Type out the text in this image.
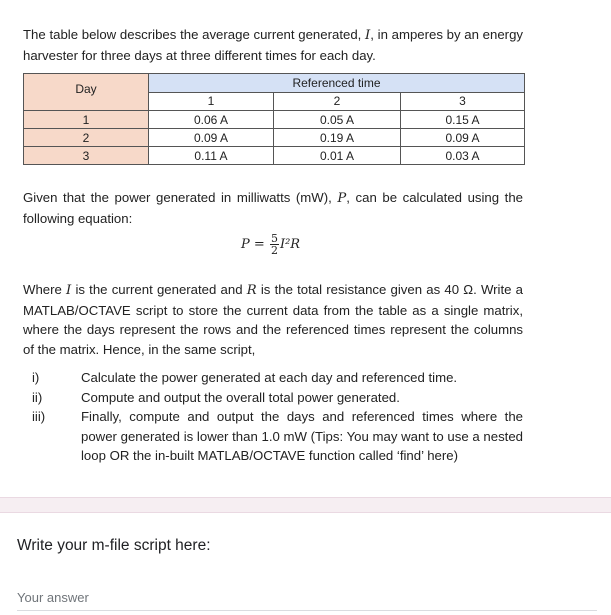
The table below describes the average current generated, I, in amperes by an energy harvester for three days at three different times for each day.
Day	Referenced time		
	1	2	3
1	0.06 A	0.05 A	0.15 A
2	0.09 A	0.19 A	0.09 A
3	0.11 A	0.01 A	0.03 A
Given that the power generated in milliwatts (mW), P, can be calculated using the following equation:
$P = \frac{5}{2} I^2R$
Where I is the current generated and R is the total resistance given as 40 Ω. Write a MATLAB/OCTAVE script to store the current data from the table as a single matrix, where the days represent the rows and the referenced times represent the columns of the matrix. Hence, in the same script,
i)	Calculate the power generated at each day and referenced time.
ii)	Compute and output the overall total power generated.
iii)	Finally, compute and output the days and referenced times where the power generated is lower than 1.0 mW (Tips: You may want to use a nested loop OR the in-built MATLAB/OCTAVE function called ‘find’ here)
Write your m-file script here:
Your answer
